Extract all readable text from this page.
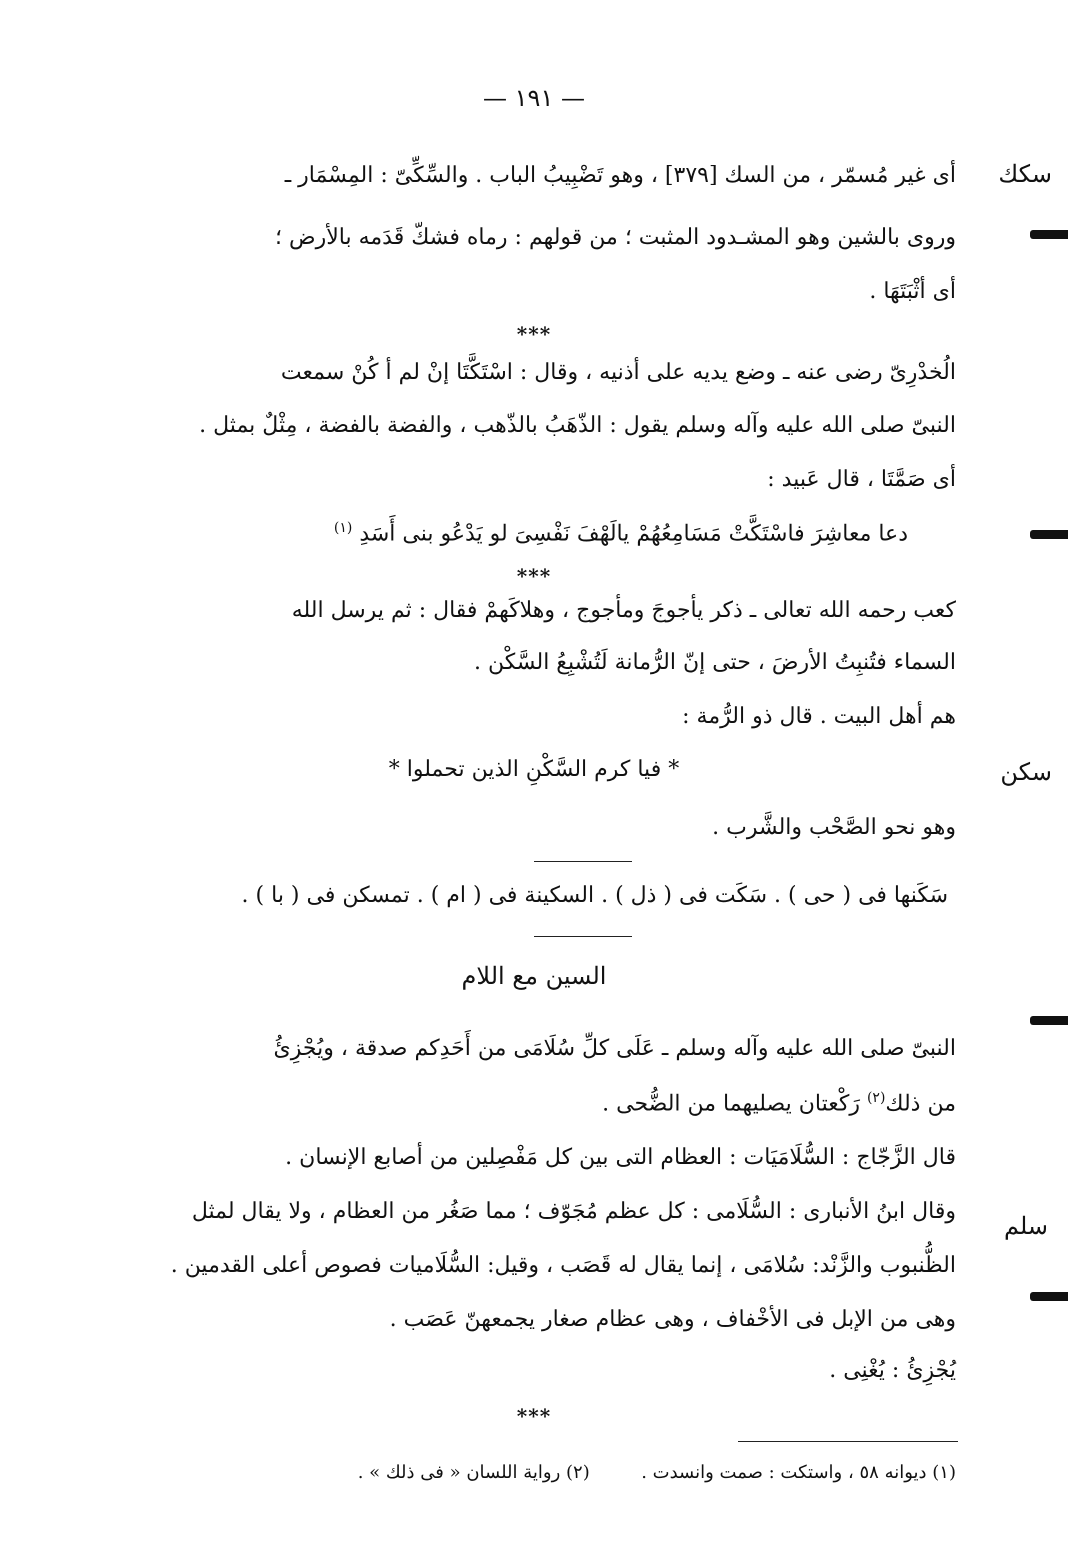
— ١٩١ —
سكك
سكن
سلم
أى غير مُسمّر ، من السك [٣٧٩] ، وهو تَضْبِيبُ الباب . والسِّكِّىّ : المِسْمَار ـ
وروى بالشين وهو المشـدود المثبت ؛ من قولهم : رماه فشكّ قَدَمه بالأرض ؛
أى أثْبَتَهَا .
***
الُخدْرِىّ رضى عنه ـ وضع يديه على أذنيه ، وقال : اسْتَكَّتَا إنْ لم أ كُنْ سمعت
النبىّ صلى الله عليه وآله وسلم يقول : الذّهَبُ بالذّهب ، والفضة بالفضة ، مِثْلٌ بمثل .
أى صَمَّتَا ، قال عَبيد :
دعا معاشِرَ فاسْتَكَّتْ مَسَامِعُهُمْ يالَهْفَ نَفْسِىَ لو يَدْعُو بنى أَسَدِ $^{(١)}$
***
كعب رحمه الله تعالى ـ ذكر يأجوجَ ومأجوج ، وهلاكَهمْ فقال : ثم يرسل الله
السماء فتُنبِتُ الأرضَ ، حتى إنّ الرُّمانة لَتُشْبِعُ السَّكْن .
هم أهل البيت . قال ذو الرُّمة :
* فيا كرم السَّكْنِ الذين تحملوا *
وهو نحو الصَّحْب والشَّرب .
سَكَنها فى ( حى ) . سَكَت فى ( ذل ) . السكينة فى ( ام ) . تمسكن فى ( با ) .
السين مع اللام
النبىّ صلى الله عليه وآله وسلم ـ عَلَى كلِّ سُلَامَى من أَحَدِكم صدقة ، ويُجْزِئُ
من ذلك$^{(٢)}$ رَكْعتان يصليهما من الضُّحى .
قال الزَّجّاج : السُّلَامَيَات : العظام التى بين كل مَفْصِلين من أصابع الإنسان .
وقال ابنُ الأنبارى : السُّلَامى : كل عظم مُجَوّف ؛ مما صَغُر من العظام ، ولا يقال لمثل
الظُّنبوب والزَّنْد: سُلامَى ، إنما يقال له قَصَب ، وقيل: السُّلَاميات فصوص أعلى القدمين .
وهى من الإبل فى الأخْفاف ، وهى عظام صغار يجمعهنّ عَصَب .
يُجْزِئُ : يُغْنِى .
***
(١) ديوانه ٥٨ ، واستكت : صمت وانسدت .  (٢) رواية اللسان « فى ذلك » .
